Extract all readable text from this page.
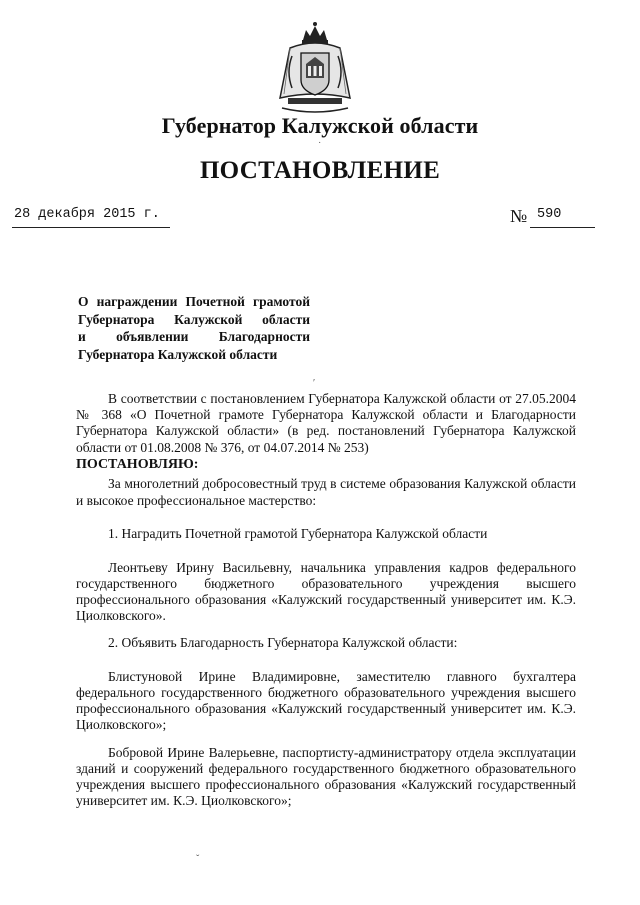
Губернатор Калужской области
ПОСТАНОВЛЕНИЕ
28 декабря 2015 г.	№ 590
О награждении Почетной грамотой
Губернатора Калужской области
и объявлении Благодарности
Губернатора Калужской области
В соответствии с постановлением Губернатора Калужской области от 27.05.2004 № 368 «О Почетной грамоте Губернатора Калужской области и Благодарности Губернатора Калужской области» (в ред. постановлений Губернатора Калужской области от 01.08.2008 № 376, от 04.07.2014 № 253)
ПОСТАНОВЛЯЮ:
За многолетний добросовестный труд в системе образования Калужской области и высокое профессиональное мастерство:
1. Наградить Почетной грамотой Губернатора Калужской области
Леонтьеву Ирину Васильевну, начальника управления кадров федерального государственного бюджетного образовательного учреждения высшего профессионального образования «Калужский государственный университет им. К.Э. Циолковского».
2. Объявить Благодарность Губернатора Калужской области:
Блистуновой Ирине Владимировне, заместителю главного бухгалтера федерального государственного бюджетного образовательного учреждения высшего профессионального образования «Калужский государственный университет им. К.Э. Циолковского»;
Бобровой Ирине Валерьевне, паспортисту-администратору отдела эксплуатации зданий и сооружений федерального государственного бюджетного образовательного учреждения высшего профессионального образования «Калужский государственный университет им. К.Э. Циолковского»;
˙
′
ˇ
